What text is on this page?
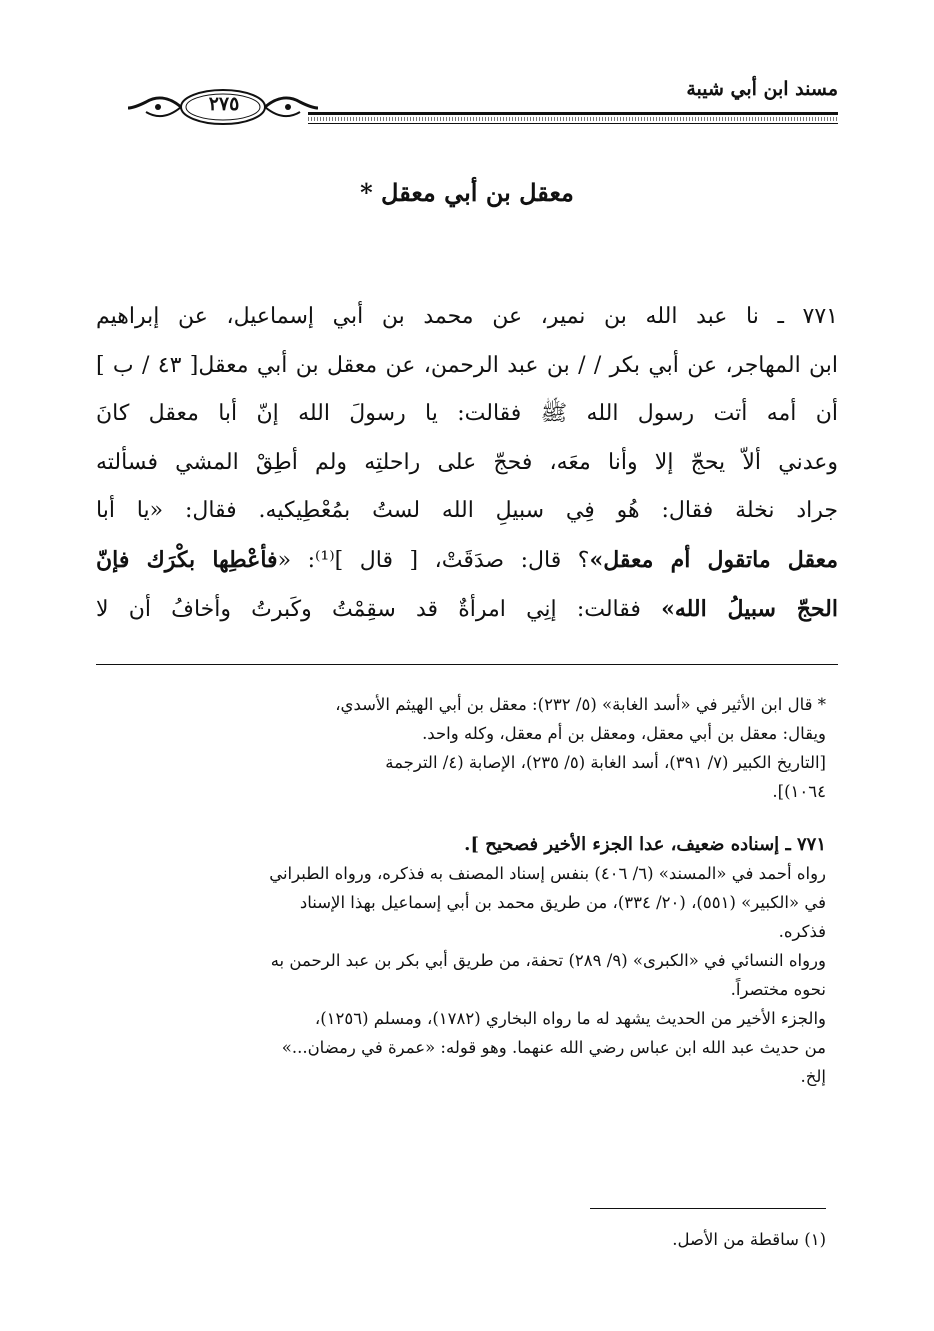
مسند ابن أبي شيبة
٢٧٥
معقل بن أبي معقل *
٧٧١ ـ نا عبد الله بن نمير، عن محمد بن أبي إسماعيل، عن إبراهيم
ابن المهاجر، عن أبي بكر / / بن عبد الرحمن، عن معقل بن أبي معقل[ ٤٣ / ب ]
أن أمه أتت رسول الله ﷺ فقالت: يا رسولَ الله إنّ أبا معقل كانَ
وعدني ألاّ يحجّ إلا وأنا معَه، فحجّ على راحلتِه ولم أطِقْ المشي فسألته
جراد نخلة فقال: هُو فِي سبيلِ الله لستُ بمُعْطِيكيه. فقال: «يا أبا
معقل ماتقول أم معقل»؟ قال: صدَقَتْ، [ قال ]⁽¹⁾: «فأعْطِها بكْرَك فإنّ
الحجّ سبيلُ الله» فقالت: إنِي امرأةٌ قد سقِمْتُ وكَبرتُ وأخافُ أن لا
* قال ابن الأثير في «أسد الغابة» (٥/ ٢٣٢): معقل بن أبي الهيثم الأسدي،
ويقال: معقل بن أبي معقل، ومعقل بن أم معقل، وكله واحد.
[التاريخ الكبير (٧/ ٣٩١)، أسد الغابة (٥/ ٢٣٥)، الإصابة (٤/ الترجمة
١٠٦٤)].
٧٧١ ـ إسناده ضعيف، عدا الجزء الأخير فصحيح ].
رواه أحمد في «المسند» (٦/ ٤٠٦) بنفس إسناد المصنف به فذكره، ورواه الطبراني
في «الكبير» (٥٥١)، (٢٠/ ٣٣٤)، من طريق محمد بن أبي إسماعيل بهذا الإسناد
فذكره.
ورواه النسائي في «الكبرى» (٩/ ٢٨٩) تحفة، من طريق أبي بكر بن عبد الرحمن به
نحوه مختصراً.
والجزء الأخير من الحديث يشهد له ما رواه البخاري (١٧٨٢)، ومسلم (١٢٥٦)،
من حديث عبد الله ابن عباس رضي الله عنهما. وهو قوله: «عمرة في رمضان...»
إلخ.
(١) ساقطة من الأصل.
